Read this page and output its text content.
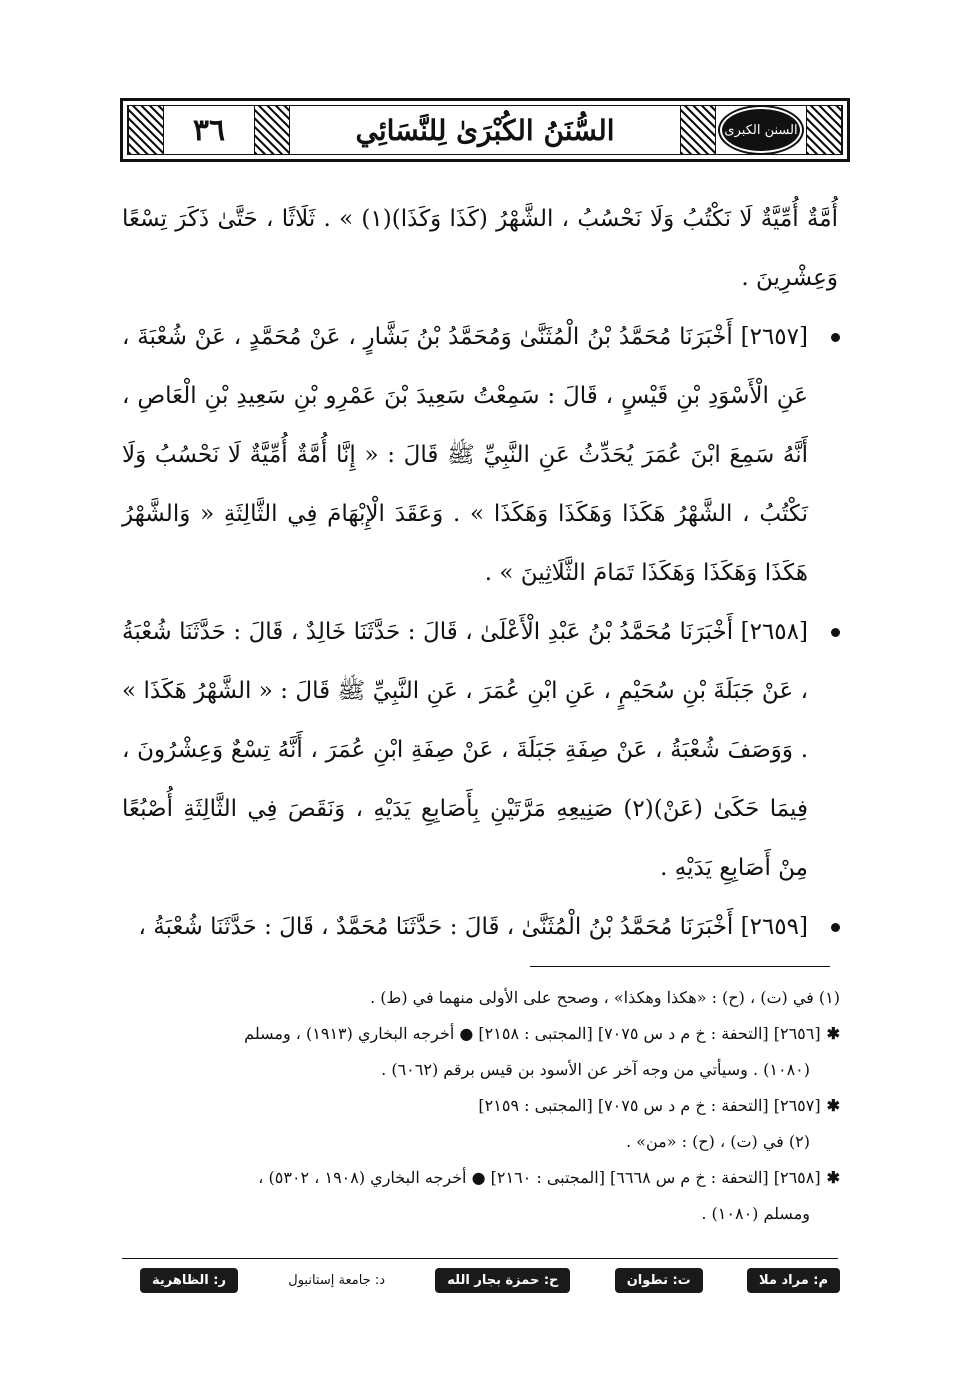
٣٦	السُّنَنُ الكُبْرَىٰ لِلنَّسَائِي	السنن الكبرى

أُمَّةٌ أُمِّيَّةٌ لَا نَكْتُبُ وَلَا نَحْسُبُ ، الشَّهْرُ (كَذَا وَكَذَا)(١) » . ثَلَاثًا ، حَتَّىٰ ذَكَرَ تِسْعًا وَعِشْرِينَ .

[٢٦٥٧] أَخْبَرَنَا مُحَمَّدُ بْنُ الْمُثَنَّىٰ وَمُحَمَّدُ بْنُ بَشَّارٍ ، عَنْ مُحَمَّدٍ ، عَنْ شُعْبَةَ ، عَنِ الْأَسْوَدِ بْنِ قَيْسٍ ، قَالَ : سَمِعْتُ سَعِيدَ بْنَ عَمْرِو بْنِ سَعِيدِ بْنِ الْعَاصِ ، أَنَّهُ سَمِعَ ابْنَ عُمَرَ يُحَدِّثُ عَنِ النَّبِيِّ ﷺ قَالَ : « إِنَّا أُمَّةٌ أُمِّيَّةٌ لَا نَحْسُبُ وَلَا نَكْتُبُ ، الشَّهْرُ هَكَذَا وَهَكَذَا وَهَكَذَا » . وَعَقَدَ الْإِبْهَامَ فِي الثَّالِثَةِ « وَالشَّهْرُ هَكَذَا وَهَكَذَا وَهَكَذَا تَمَامَ الثَّلَاثِينَ » .

[٢٦٥٨] أَخْبَرَنَا مُحَمَّدُ بْنُ عَبْدِ الْأَعْلَىٰ ، قَالَ : حَدَّثَنَا خَالِدٌ ، قَالَ : حَدَّثَنَا شُعْبَةُ ، عَنْ جَبَلَةَ بْنِ سُحَيْمٍ ، عَنِ ابْنِ عُمَرَ ، عَنِ النَّبِيِّ ﷺ قَالَ : « الشَّهْرُ هَكَذَا » . وَوَصَفَ شُعْبَةُ ، عَنْ صِفَةِ جَبَلَةَ ، عَنْ صِفَةِ ابْنِ عُمَرَ ، أَنَّهُ تِسْعٌ وَعِشْرُونَ ، فِيمَا حَكَىٰ (عَنْ)(٢) صَنِيعِهِ مَرَّتَيْنِ بِأَصَابِعِ يَدَيْهِ ، وَنَقَصَ فِي الثَّالِثَةِ أُصْبُعًا مِنْ أَصَابِعِ يَدَيْهِ .

[٢٦٥٩] أَخْبَرَنَا مُحَمَّدُ بْنُ الْمُثَنَّىٰ ، قَالَ : حَدَّثَنَا مُحَمَّدٌ ، قَالَ : حَدَّثَنَا شُعْبَةُ ،

(١) في (ت) ، (ح) : «هكذا وهكذا» ، وصحح على الأولى منهما في (ط) .

✱[٢٦٥٦] [التحفة : خ م د س ٧٠٧٥] [المجتبى : ٢١٥٨] ● أخرجه البخاري (١٩١٣) ، ومسلم

(١٠٨٠) . وسيأتي من وجه آخر عن الأسود بن قيس برقم (٦٠٦٢) .

✱[٢٦٥٧] [التحفة : خ م د س ٧٠٧٥] [المجتبى : ٢١٥٩]

(٢) في (ت) ، (ح) : «من» .

✱[٢٦٥٨] [التحفة : خ م س ٦٦٦٨] [المجتبى : ٢١٦٠] ● أخرجه البخاري (١٩٠٨ ، ٥٣٠٢) ،

ومسلم (١٠٨٠) .

م: مراد ملا
ت: تطوان
ح: حمزة بجار الله
د: جامعة إستانبول
ر: الظاهرية
